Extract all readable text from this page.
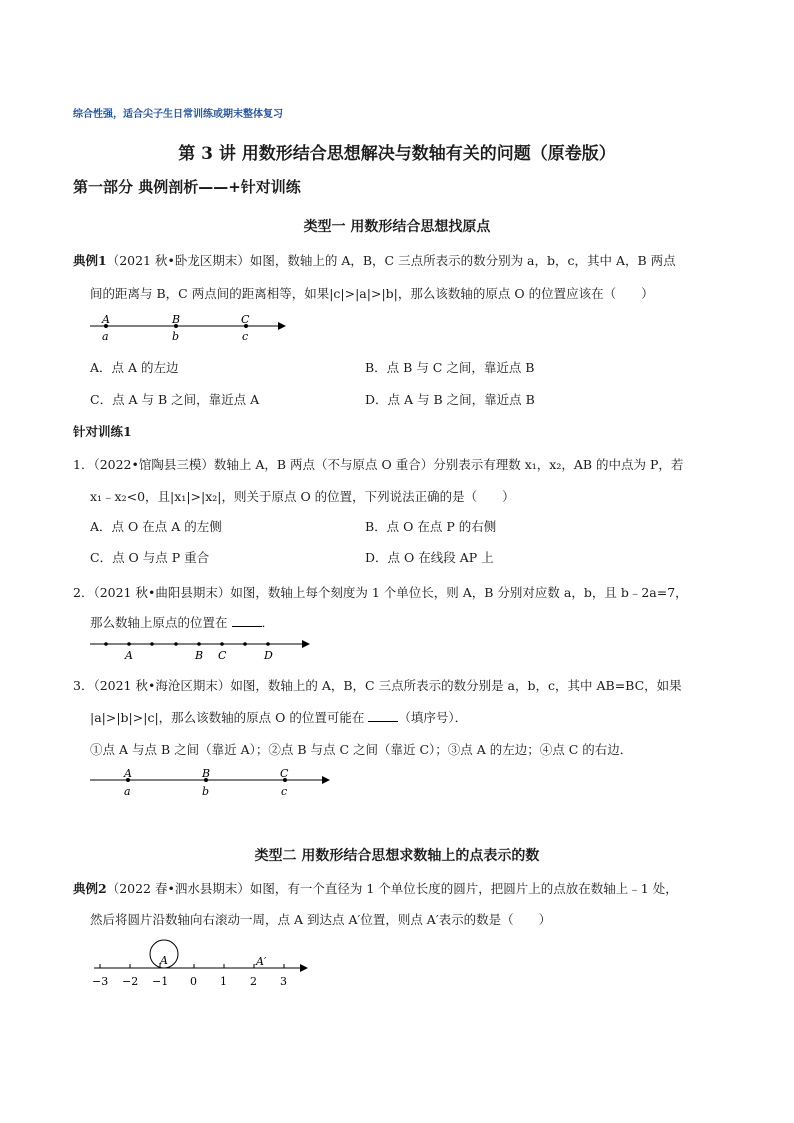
综合性强，适合尖子生日常训练或期末整体复习
第 3 讲 用数形结合思想解决与数轴有关的问题（原卷版）
第一部分 典例剖析——+针对训练
类型一 用数形结合思想找原点
典例1（2021 秋•卧龙区期末）如图，数轴上的 A，B，C 三点所表示的数分别为 a，b，c，其中 A，B 两点
间的距离与 B，C 两点间的距离相等，如果|c|>|a|>|b|，那么该数轴的原点 O 的位置应该在（　　）
A	B	C
a	b	c
A．点 A 的左边	B．点 B 与 C 之间，靠近点 B
C．点 A 与 B 之间，靠近点 A	D．点 A 与 B 之间，靠近点 B
针对训练1
1．（2022•馆陶县三模）数轴上 A，B 两点（不与原点 O 重合）分别表示有理数 x₁，x₂，AB 的中点为 P，若
x₁﹣x₂<0，且|x₁|>|x₂|，则关于原点 O 的位置，下列说法正确的是（　　）
A．点 O 在点 A 的左侧	B．点 O 在点 P 的右侧
C．点 O 与点 P 重合	D．点 O 在线段 AP 上
2．（2021 秋•曲阳县期末）如图，数轴上每个刻度为 1 个单位长，则 A，B 分别对应数 a，b，且 b﹣2a=7，
那么数轴上原点的位置在	．
A	B C	D
3．（2021 秋•海沧区期末）如图，数轴上的 A，B，C 三点所表示的数分别是 a，b，c，其中 AB=BC，如果
|a|>|b|>|c|，那么该数轴的原点 O 的位置可能在	（填序号）．
①点 A 与点 B 之间（靠近 A）；②点 B 与点 C 之间（靠近 C）；③点 A 的左边；④点 C 的右边．
A	B	C
a	b	c
类型二 用数形结合思想求数轴上的点表示的数
典例2（2022 春•泗水县期末）如图，有一个直径为 1 个单位长度的圆片，把圆片上的点放在数轴上﹣1 处，
然后将圆片沿数轴向右滚动一周，点 A 到达点 A′位置，则点 A′表示的数是（　　）
A	A′
−3 −2 −1 0 1 2 3
